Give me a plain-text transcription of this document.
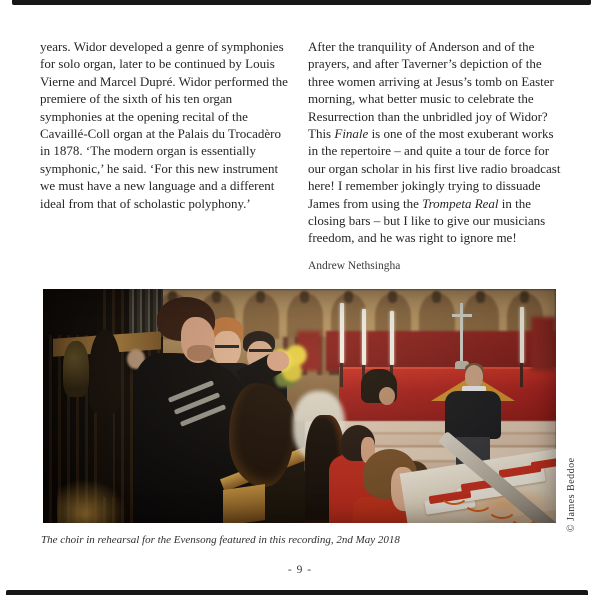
years. Widor developed a genre of symphonies for solo organ, later to be continued by Louis Vierne and Marcel Dupré. Widor performed the premiere of the sixth of his ten organ symphonies at the opening recital of the Cavaillé-Coll organ at the Palais du Trocadèro in 1878. ‘The modern organ is essentially symphonic,’ he said. ‘For this new instrument we must have a new language and a different ideal from that of scholastic polyphony.’

After the tranquility of Anderson and of the prayers, and after Taverner’s depiction of the three women arriving at Jesus’s tomb on Easter morning, what better music to celebrate the Resurrection than the unbridled joy of Widor? This Finale is one of the most exuberant works in the repertoire – and quite a tour de force for our organ scholar in his first live radio broadcast here! I remember jokingly trying to dissuade James from using the Trompeta Real in the closing bars – but I like to give our musicians freedom, and he was right to ignore me!

Andrew Nethsingha

© James Beddoe
The choir in rehearsal for the Evensong featured in this recording, 2nd May 2018
- 9 -
